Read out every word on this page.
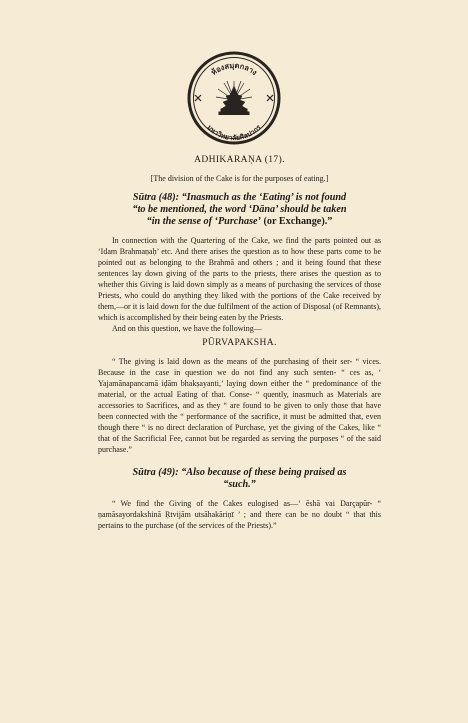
ห้องสมุดกลาง
มหาวิทยาลัยศิลปากร

ADHIKARAṆA (17).

[The division of the Cake is for the purposes of eating.]

Sūtra (48): “Inasmuch as the ‘Eating’ is not found
“to be mentioned, the word ‘Dāna’ should be taken
“in the sense of ‘Purchase’ (or Exchange).”

In connection with the Quartering of the Cake, we find the parts pointed out as ‘Idam Brahmaṇaḥ’ etc. And there arises the question as to how these parts come to be pointed out as belonging to the Brahmā and others ; and it being found that these sentences lay down giving of the parts to the priests, there arises the question as to whether this Giving is laid down simply as a means of purchasing the services of those Priests, who could do anything they liked with the portions of the Cake received by them,—or it is laid down for the due fulfilment of the action of Disposal (of Remnants), which is accomplished by their being eaten by the Priests.

And on this question, we have the following—

PŪRVAPAKSHA.

“ The giving is laid down as the means of the purchasing of their ser- “ vices. Because in the case in question we do not find any such senten- “ ces as, ‘ Yajamānapancamā iḍām bhakṣayanti,’ laying down either the “ predominance of the material, or the actual Eating of that. Conse- “ quently, inasmuch as Materials are accessories to Sacrifices, and as they “ are found to be given to only those that have been connected with the “ performance of the sacrifice, it must be admitted that, even though there “ is no direct declaration of Purchase, yet the giving of the Cakes, like “ that of the Sacrificial Fee, cannot but be regarded as serving the purposes “ of the said purchase.”

Sūtra (49): “Also because of these being praised as
“such.”

“ We find the Giving of the Cakes eulogised as—‘ ēshā vai Darçapūr- “ ṇamāsayordakshinā Ṛtvijām utsāhakāriṇī ’ ; and there can be no doubt “ that this pertains to the purchase (of the services of the Priests).”
